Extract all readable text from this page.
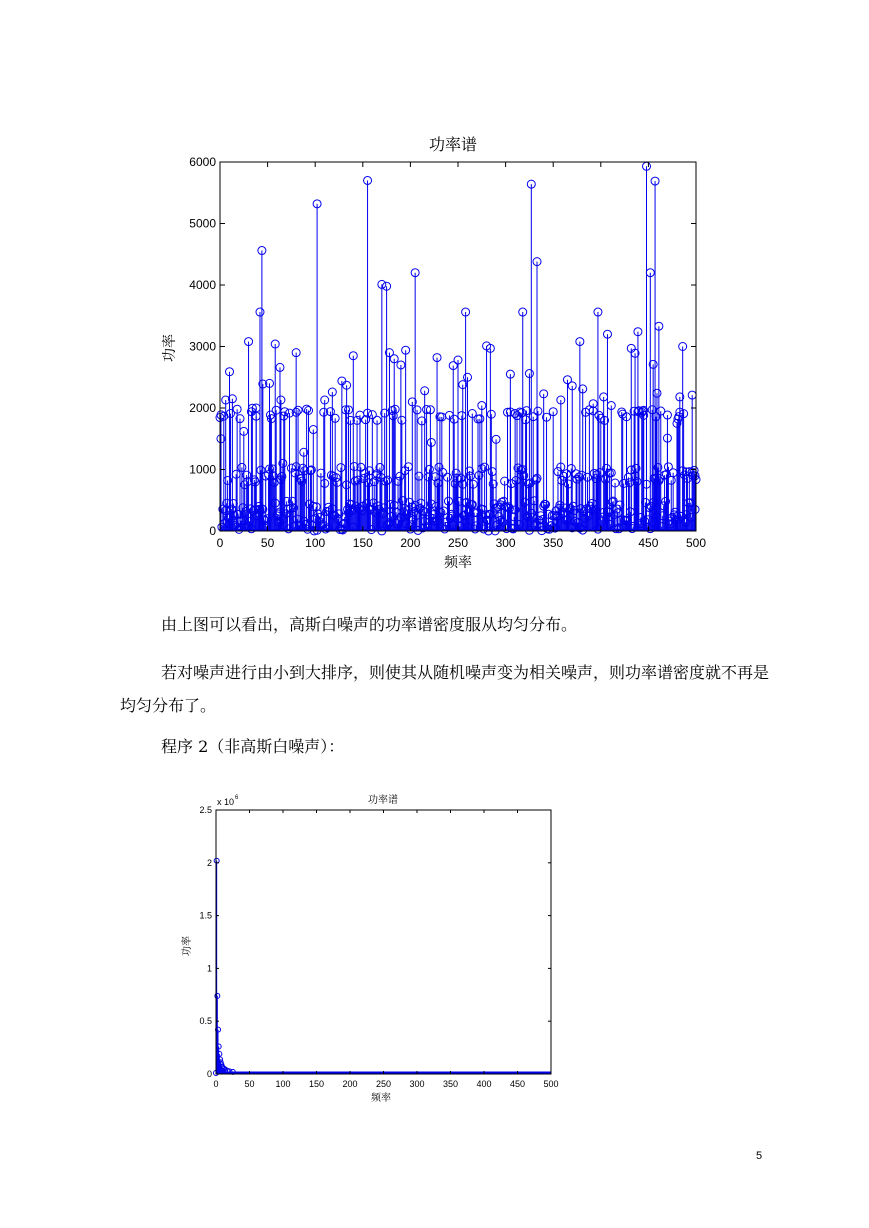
功率谱
0	50	100 150 200 250 300 350 400 450 500
0
1000
2000
3000
4000
5000
6000
频率
功率
由上图可以看出，高斯白噪声的功率谱密度服从均匀分布。
若对噪声进行由小到大排序，则使其从随机噪声变为相关噪声，则功率谱密度就不再是均匀分布了。
程序 2（非高斯白噪声）：
功率谱
x 10 6
0	50 100 150 200 250 300 350 400 450 500
0
0.5
1
1.5
2
2.5
频率
功率
5
